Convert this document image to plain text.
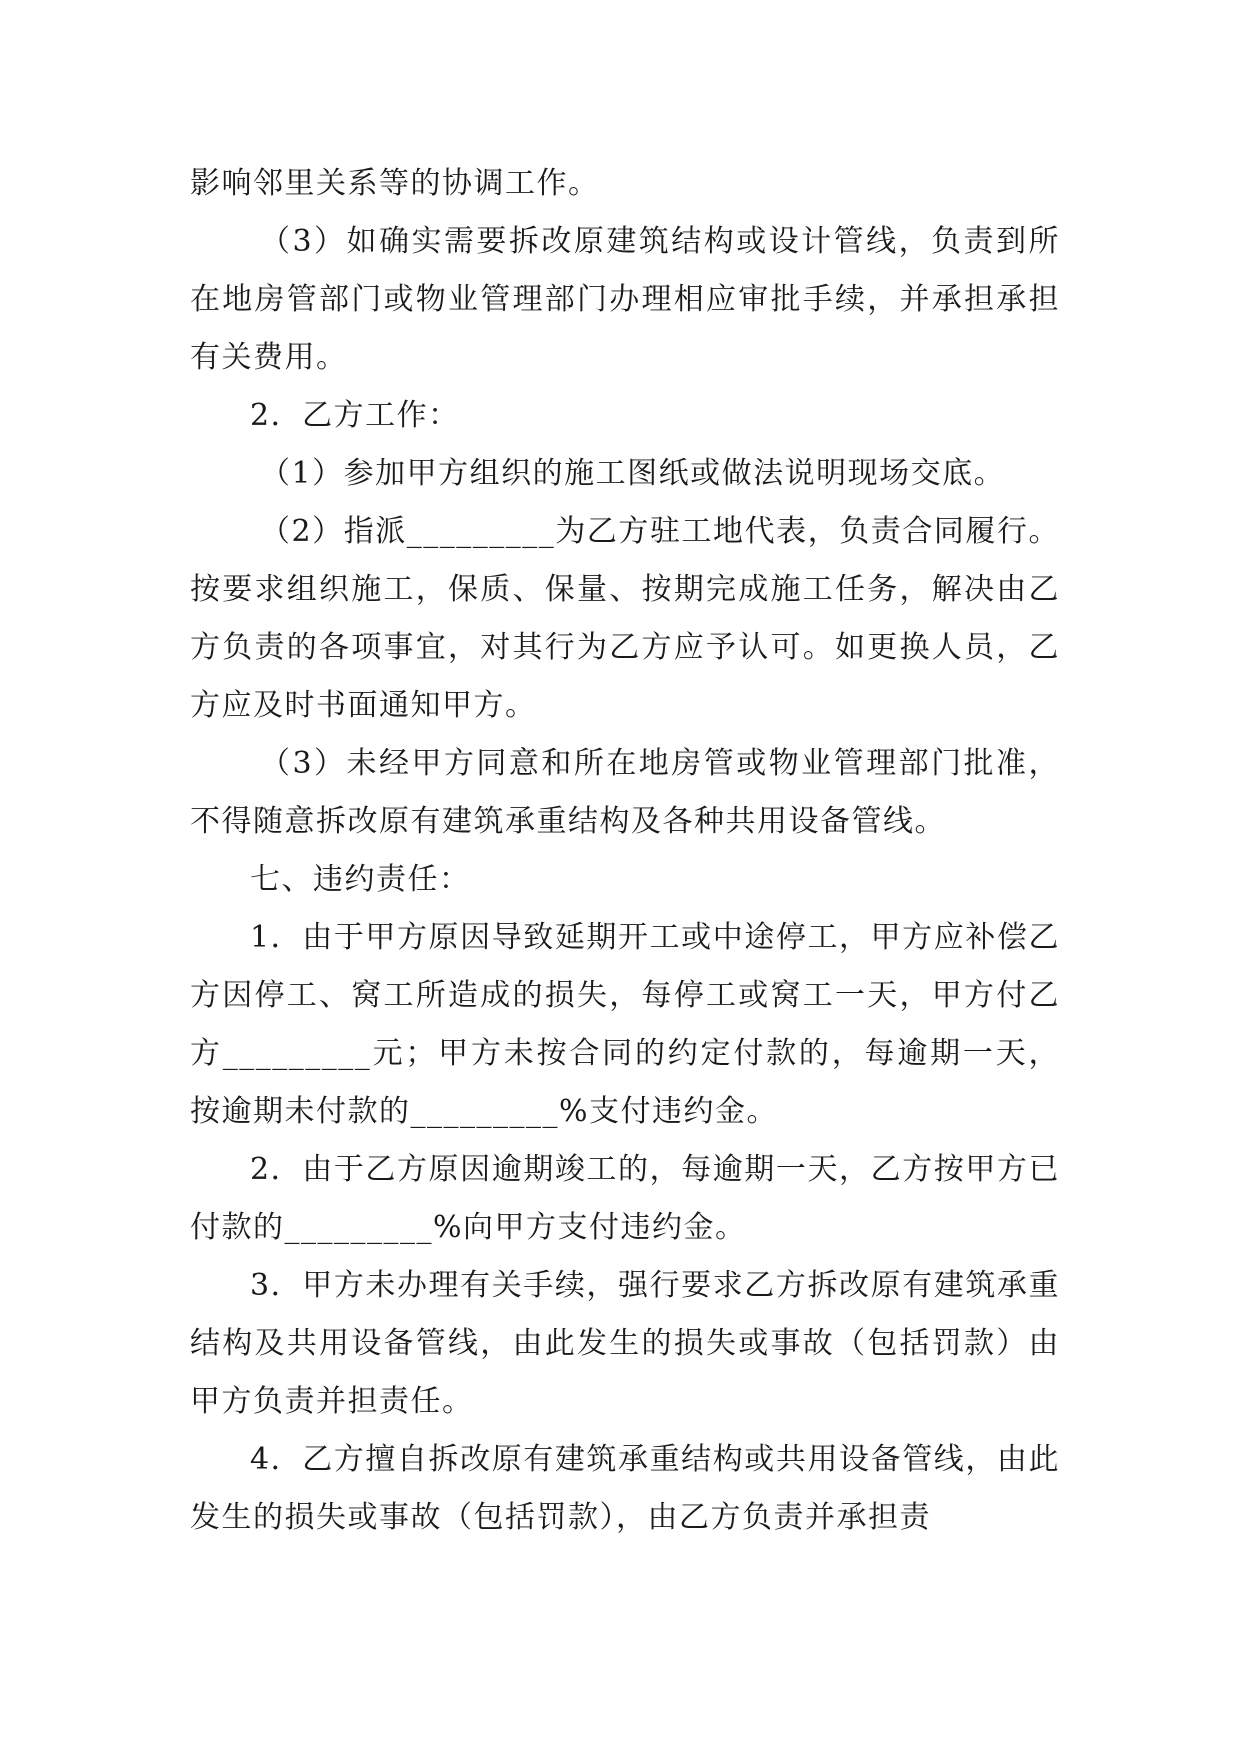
影响邻里关系等的协调工作。

（3）如确实需要拆改原建筑结构或设计管线，负责到所在地房管部门或物业管理部门办理相应审批手续，并承担承担有关费用。

2．乙方工作：

（1）参加甲方组织的施工图纸或做法说明现场交底。

（2）指派_________为乙方驻工地代表，负责合同履行。按要求组织施工，保质、保量、按期完成施工任务，解决由乙方负责的各项事宜，对其行为乙方应予认可。如更换人员，乙方应及时书面通知甲方。

（3）未经甲方同意和所在地房管或物业管理部门批准，不得随意拆改原有建筑承重结构及各种共用设备管线。

七、违约责任：

1．由于甲方原因导致延期开工或中途停工，甲方应补偿乙方因停工、窝工所造成的损失，每停工或窝工一天，甲方付乙方_________元；甲方未按合同的约定付款的，每逾期一天，按逾期未付款的_________%支付违约金。

2．由于乙方原因逾期竣工的，每逾期一天，乙方按甲方已付款的_________%向甲方支付违约金。

3．甲方未办理有关手续，强行要求乙方拆改原有建筑承重结构及共用设备管线，由此发生的损失或事故（包括罚款）由甲方负责并担责任。

4．乙方擅自拆改原有建筑承重结构或共用设备管线，由此发生的损失或事故（包括罚款），由乙方负责并承担责
